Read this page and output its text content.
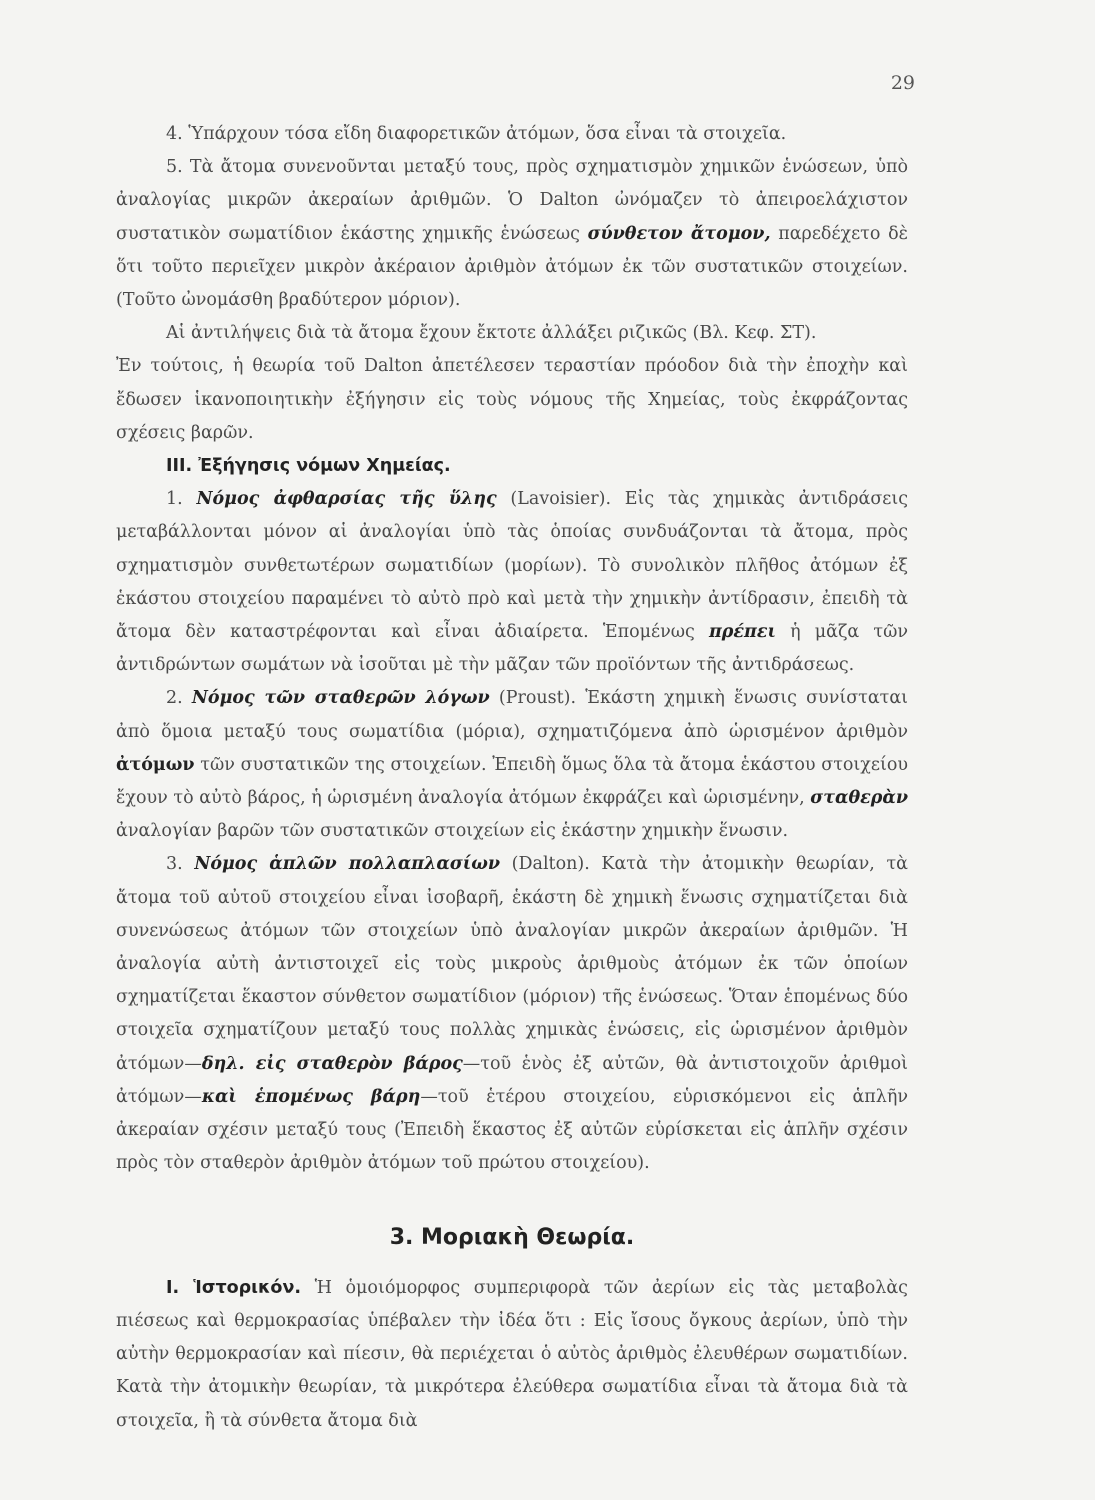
29

4. Ὑπάρχουν τόσα εἴδη διαφορετικῶν ἀτόμων, ὅσα εἶναι τὰ στοιχεῖα.

5. Τὰ ἄτομα συνενοῦνται μεταξύ τους, πρὸς σχηματισμὸν χημικῶν ἑνώσεων, ὑπὸ ἀναλογίας μικρῶν ἀκεραίων ἀριθμῶν. Ὁ Dalton ὠνόμαζεν τὸ ἀπειροελάχιστον συστατικὸν σωματίδιον ἑκάστης χημικῆς ἑνώσεως σύνθετον ἄτομον, παρεδέχετο δὲ ὅτι τοῦτο περιεῖχεν μικρὸν ἀκέραιον ἀριθμὸν ἀτόμων ἐκ τῶν συστατικῶν στοιχείων. (Τοῦτο ὠνομάσθη βραδύτερον μόριον).

Αἱ ἀντιλήψεις διὰ τὰ ἄτομα ἔχουν ἔκτοτε ἀλλάξει ριζικῶς (Βλ. Κεφ. ΣΤ).

Ἐν τούτοις, ἡ θεωρία τοῦ Dalton ἀπετέλεσεν τεραστίαν πρόοδον διὰ τὴν ἐποχὴν καὶ ἔδωσεν ἱκανοποιητικὴν ἐξήγησιν εἰς τοὺς νόμους τῆς Χημείας, τοὺς ἐκφράζοντας σχέσεις βαρῶν.

III. Ἐξήγησις νόμων Χημείας.

1. Νόμος ἀφθαρσίας τῆς ὕλης (Lavoisier). Εἰς τὰς χημικὰς ἀντιδράσεις μεταβάλλονται μόνον αἱ ἀναλογίαι ὑπὸ τὰς ὁποίας συνδυάζονται τὰ ἄτομα, πρὸς σχηματισμὸν συνθετωτέρων σωματιδίων (μορίων). Τὸ συνολικὸν πλῆθος ἀτόμων ἐξ ἑκάστου στοιχείου παραμένει τὸ αὐτὸ πρὸ καὶ μετὰ τὴν χημικὴν ἀντίδρασιν, ἐπειδὴ τὰ ἄτομα δὲν καταστρέφονται καὶ εἶναι ἀδιαίρετα. Ἑπομένως πρέπει ἡ μᾶζα τῶν ἀντιδρώντων σωμάτων νὰ ἰσοῦται μὲ τὴν μᾶζαν τῶν προϊόντων τῆς ἀντιδράσεως.

2. Νόμος τῶν σταθερῶν λόγων (Proust). Ἑκάστη χημικὴ ἕνωσις συνίσταται ἀπὸ ὅμοια μεταξύ τους σωματίδια (μόρια), σχηματιζόμενα ἀπὸ ὡρισμένον ἀριθμὸν ἀτόμων τῶν συστατικῶν της στοιχείων. Ἐπειδὴ ὅμως ὅλα τὰ ἄτομα ἑκάστου στοιχείου ἔχουν τὸ αὐτὸ βάρος, ἡ ὡρισμένη ἀναλογία ἀτόμων ἐκφράζει καὶ ὡρισμένην, σταθερὰν ἀναλογίαν βαρῶν τῶν συστατικῶν στοιχείων εἰς ἑκάστην χημικὴν ἕνωσιν.

3. Νόμος ἁπλῶν πολλαπλασίων (Dalton). Κατὰ τὴν ἀτομικὴν θεωρίαν, τὰ ἄτομα τοῦ αὐτοῦ στοιχείου εἶναι ἰσοβαρῆ, ἑκάστη δὲ χημικὴ ἕνωσις σχηματίζεται διὰ συνενώσεως ἀτόμων τῶν στοιχείων ὑπὸ ἀναλογίαν μικρῶν ἀκεραίων ἀριθμῶν. Ἡ ἀναλογία αὐτὴ ἀντιστοιχεῖ εἰς τοὺς μικροὺς ἀριθμοὺς ἀτόμων ἐκ τῶν ὁποίων σχηματίζεται ἕκαστον σύνθετον σωματίδιον (μόριον) τῆς ἑνώσεως. Ὅταν ἑπομένως δύο στοιχεῖα σχηματίζουν μεταξύ τους πολλὰς χημικὰς ἑνώσεις, εἰς ὡρισμένον ἀριθμὸν ἀτόμων—δηλ. εἰς σταθερὸν βάρος—τοῦ ἑνὸς ἐξ αὐτῶν, θὰ ἀντιστοιχοῦν ἀριθμοὶ ἀτόμων—καὶ ἑπομένως βάρη—τοῦ ἑτέρου στοιχείου, εὑρισκόμενοι εἰς ἁπλῆν ἀκεραίαν σχέσιν μεταξύ τους (Ἐπειδὴ ἕκαστος ἐξ αὐτῶν εὑρίσκεται εἰς ἁπλῆν σχέσιν πρὸς τὸν σταθερὸν ἀριθμὸν ἀτόμων τοῦ πρώτου στοιχείου).

3. Μοριακὴ Θεωρία.

I. Ἱστορικόν. Ἡ ὁμοιόμορφος συμπεριφορὰ τῶν ἀερίων εἰς τὰς μεταβολὰς πιέσεως καὶ θερμοκρασίας ὑπέβαλεν τὴν ἰδέα ὅτι : Εἰς ἴσους ὄγκους ἀερίων, ὑπὸ τὴν αὐτὴν θερμοκρασίαν καὶ πίεσιν, θὰ περιέχεται ὁ αὐτὸς ἀριθμὸς ἐλευθέρων σωματιδίων. Κατὰ τὴν ἀτομικὴν θεωρίαν, τὰ μικρότερα ἐλεύθερα σωματίδια εἶναι τὰ ἄτομα διὰ τὰ στοιχεῖα, ἢ τὰ σύνθετα ἄτομα διὰ
